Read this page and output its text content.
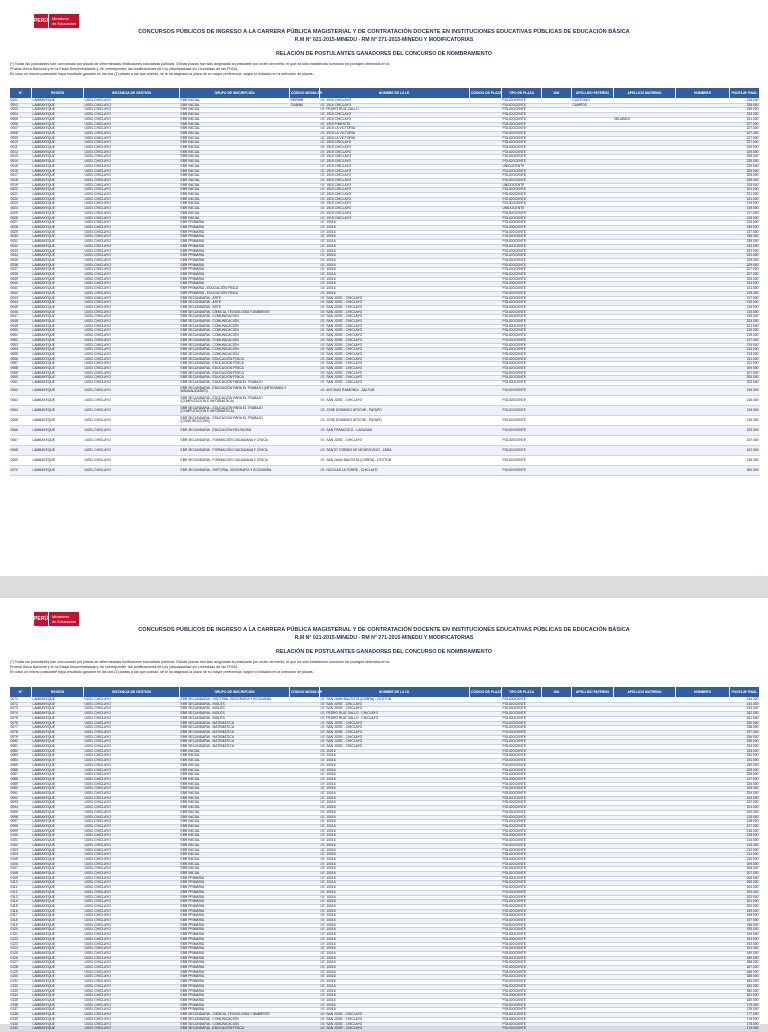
PERÚ Ministerio
de Educación
CONCURSOS PÚBLICOS DE INGRESO A LA CARRERA PÚBLICA MAGISTERIAL Y DE CONTRATACIÓN DOCENTE EN INSTITUCIONES EDUCATIVAS PÚBLICAS DE EDUCACIÓN BÁSICA
R.M N° 021-2015-MINEDU - RM N° 271-2015-MINEDU Y MODIFICATORIAS
RELACIÓN DE POSTULANTES GANADORES DEL CONCURSO DE NOMBRAMIENTO
(*) Todas las postulantes han concursado por plazas de determinadas instituciones educativas públicas. Dichas plazas han sido asignadas al postulante por orden de mérito, el que ha sido establecido sumando los puntajes obtenidos en la
Prueba Única Nacional y en la Etapa Descentralizada y, de corresponder, las bonificaciones de Ley (discapacidad y/o Licenciado de las FFAA).
En caso un mismo postulante haya resultado ganador en las dos (2) plazas a las que postuló, se le ha asignado la plaza de su mayor preferencia, según lo indicado en la selección de plazas.
N°	REGIÓN	INSTANCIA DE GESTIÓN	GRUPO DE INSCRIPCIÓN	CÓDIGO MODULAR	NOMBRE DE LA I.E.	CÓDIGO DE PLAZA	TIPO DE PLAZA	DNI	APELLIDO PATERNO	APELLIDO MATERNO	NOMBRES	PUNTAJE FINAL
0001	LAMBAYEQUE	UGEL CHICLAYO	EBR INICIAL	0559998	I.E. 1915 CHICLAYO		POLIDOCENTE		CUSTODIO			238.000
0002	LAMBAYEQUE	UGEL CHICLAYO	EBR INICIAL	1108066	I.E. 1915 CHICLAYO		POLIDOCENTE		CAMPOS			235.000
0003	LAMBAYEQUE	UGEL CHICLAYO	EBR INICIAL		I.E. PEDRO RUIZ GALLO		POLIDOCENTE					235.000
0004	LAMBAYEQUE	UGEL CHICLAYO	EBR INICIAL		I.E. 1915 CHICLAYO		POLIDOCENTE					233.000
0005	LAMBAYEQUE	UGEL CHICLAYO	EBR INICIAL		I.E. 1915 CHICLAYO		POLIDOCENTE			MILIANDO		231.000
0006	LAMBAYEQUE	UGEL CHICLAYO	EBR INICIAL		I.E. 1915 PIMENTEL		POLIDOCENTE					227.000
0007	LAMBAYEQUE	UGEL CHICLAYO	EBR INICIAL		I.E. 1915 LA VICTORIA		POLIDOCENTE					227.000
0008	LAMBAYEQUE	UGEL CHICLAYO	EBR INICIAL		I.E. 1915 LA VICTORIA		POLIDOCENTE					227.000
0009	LAMBAYEQUE	UGEL CHICLAYO	EBR INICIAL		I.E. 1915 LA VICTORIA		POLIDOCENTE					227.000
0010	LAMBAYEQUE	UGEL CHICLAYO	EBR INICIAL		I.E. 1915 CHICLAYO		POLIDOCENTE					227.000
0011	LAMBAYEQUE	UGEL CHICLAYO	EBR INICIAL		I.E. 1915 CHICLAYO		POLIDOCENTE					225.000
0012	LAMBAYEQUE	UGEL CHICLAYO	EBR INICIAL		I.E. 1915 CHICLAYO		POLIDOCENTE					225.000
0013	LAMBAYEQUE	UGEL CHICLAYO	EBR INICIAL		I.E. 1915 CHICLAYO		POLIDOCENTE					225.000
0014	LAMBAYEQUE	UGEL CHICLAYO	EBR INICIAL		I.E. 1915 CHICLAYO		POLIDOCENTE					225.000
0015	LAMBAYEQUE	UGEL CHICLAYO	EBR INICIAL		I.E. 1915 CHICLAYO		UNIDOCENTE					225.000
0016	LAMBAYEQUE	UGEL CHICLAYO	EBR INICIAL		I.E. 1915 CHICLAYO		POLIDOCENTE					225.000
0017	LAMBAYEQUE	UGEL CHICLAYO	EBR INICIAL		I.E. 1915 CHICLAYO		POLIDOCENTE					225.000
0018	LAMBAYEQUE	UGEL CHICLAYO	EBR INICIAL		I.E. 1915 CHICLAYO		POLIDOCENTE					225.000
0019	LAMBAYEQUE	UGEL CHICLAYO	EBR INICIAL		I.E. 1915 CHICLAYO		UNIDOCENTE					225.000
0020	LAMBAYEQUE	UGEL CHICLAYO	EBR INICIAL		I.E. 1915 CHICLAYO		POLIDOCENTE					221.000
0021	LAMBAYEQUE	UGEL CHICLAYO	EBR INICIAL		I.E. 1915 CHICLAYO		POLIDOCENTE					221.000
0022	LAMBAYEQUE	UGEL CHICLAYO	EBR INICIAL		I.E. 1915 CHICLAYO		POLIDOCENTE					221.000
0023	LAMBAYEQUE	UGEL CHICLAYO	EBR INICIAL		I.E. 1915 CHICLAYO		POLIDOCENTE					219.000
0024	LAMBAYEQUE	UGEL CHICLAYO	EBR INICIAL		I.E. 1915 CHICLAYO		UNIDOCENTE					219.000
0025	LAMBAYEQUE	UGEL CHICLAYO	EBR INICIAL		I.E. 1915 CHICLAYO		POLIDOCENTE					217.000
0026	LAMBAYEQUE	UGEL CHICLAYO	EBR INICIAL		I.E. 1915 CHICLAYO		POLIDOCENTE					215.000
0027	LAMBAYEQUE	UGEL CHICLAYO	EBR PRIMARIA		I.E. 10016		POLIDOCENTE					243.000
0028	LAMBAYEQUE	UGEL CHICLAYO	EBR PRIMARIA		I.E. 10016		POLIDOCENTE					239.000
0029	LAMBAYEQUE	UGEL CHICLAYO	EBR PRIMARIA		I.E. 10016		POLIDOCENTE					237.000
0030	LAMBAYEQUE	UGEL CHICLAYO	EBR PRIMARIA		I.E. 10016		POLIDOCENTE					235.000
0031	LAMBAYEQUE	UGEL CHICLAYO	EBR PRIMARIA		I.E. 10016		POLIDOCENTE					235.000
0032	LAMBAYEQUE	UGEL CHICLAYO	EBR PRIMARIA		I.E. 10016		POLIDOCENTE					233.000
0033	LAMBAYEQUE	UGEL CHICLAYO	EBR PRIMARIA		I.E. 10016		POLIDOCENTE					233.000
0034	LAMBAYEQUE	UGEL CHICLAYO	EBR PRIMARIA		I.E. 10016		POLIDOCENTE					231.000
0035	LAMBAYEQUE	UGEL CHICLAYO	EBR PRIMARIA		I.E. 10016		POLIDOCENTE					229.000
0036	LAMBAYEQUE	UGEL CHICLAYO	EBR PRIMARIA		I.E. 10016		POLIDOCENTE					229.000
0037	LAMBAYEQUE	UGEL CHICLAYO	EBR PRIMARIA		I.E. 10016		POLIDOCENTE					227.000
0038	LAMBAYEQUE	UGEL CHICLAYO	EBR PRIMARIA		I.E. 10016		POLIDOCENTE					227.000
0039	LAMBAYEQUE	UGEL CHICLAYO	EBR PRIMARIA		I.E. 10016		POLIDOCENTE					225.000
0040	LAMBAYEQUE	UGEL CHICLAYO	EBR PRIMARIA		I.E. 10016		POLIDOCENTE					223.000
0041	LAMBAYEQUE	UGEL CHICLAYO	EBR PRIMARIA - EDUCACIÓN FÍSICA		I.E. 10016		POLIDOCENTE					221.000
0042	LAMBAYEQUE	UGEL CHICLAYO	EBR PRIMARIA - EDUCACIÓN FÍSICA		I.E. 10016		POLIDOCENTE					219.000
0043	LAMBAYEQUE	UGEL CHICLAYO	EBR SECUNDARIA - ARTE		I.E. SAN JOSE - CHICLAYO		POLIDOCENTE					217.000
0044	LAMBAYEQUE	UGEL CHICLAYO	EBR SECUNDARIA - ARTE		I.E. SAN JOSE - CHICLAYO		POLIDOCENTE					215.000
0045	LAMBAYEQUE	UGEL CHICLAYO	EBR SECUNDARIA - ARTE		I.E. SAN JOSE - CHICLAYO		POLIDOCENTE					215.000
0046	LAMBAYEQUE	UGEL CHICLAYO	EBR SECUNDARIA - CIENCIA, TECNOLOGÍA Y AMBIENTE		I.E. SAN JOSE - CHICLAYO		POLIDOCENTE					213.000
0047	LAMBAYEQUE	UGEL CHICLAYO	EBR SECUNDARIA - COMUNICACIÓN		I.E. SAN JOSE - CHICLAYO		POLIDOCENTE					225.000
0048	LAMBAYEQUE	UGEL CHICLAYO	EBR SECUNDARIA - COMUNICACIÓN		I.E. SAN JOSE - CHICLAYO		POLIDOCENTE					223.000
0049	LAMBAYEQUE	UGEL CHICLAYO	EBR SECUNDARIA - COMUNICACIÓN		I.E. SAN JOSE - CHICLAYO		POLIDOCENTE					221.000
0050	LAMBAYEQUE	UGEL CHICLAYO	EBR SECUNDARIA - COMUNICACIÓN		I.E. SAN JOSE - CHICLAYO		POLIDOCENTE					219.000
0051	LAMBAYEQUE	UGEL CHICLAYO	EBR SECUNDARIA - COMUNICACIÓN		I.E. SAN JOSE - CHICLAYO		POLIDOCENTE					219.000
0052	LAMBAYEQUE	UGEL CHICLAYO	EBR SECUNDARIA - COMUNICACIÓN		I.E. SAN JOSE - CHICLAYO		POLIDOCENTE					217.000
0053	LAMBAYEQUE	UGEL CHICLAYO	EBR SECUNDARIA - COMUNICACIÓN		I.E. SAN JOSE - CHICLAYO		POLIDOCENTE					215.000
0054	LAMBAYEQUE	UGEL CHICLAYO	EBR SECUNDARIA - COMUNICACIÓN		I.E. SAN JOSE - CHICLAYO		POLIDOCENTE					213.000
0055	LAMBAYEQUE	UGEL CHICLAYO	EBR SECUNDARIA - COMUNICACIÓN		I.E. SAN JOSE - CHICLAYO		POLIDOCENTE					213.000
0056	LAMBAYEQUE	UGEL CHICLAYO	EBR SECUNDARIA - EDUCACIÓN FÍSICA		I.E. SAN JOSE - CHICLAYO		POLIDOCENTE					211.000
0057	LAMBAYEQUE	UGEL CHICLAYO	EBR SECUNDARIA - EDUCACIÓN FÍSICA		I.E. SAN JOSE - CHICLAYO		POLIDOCENTE					211.000
0058	LAMBAYEQUE	UGEL CHICLAYO	EBR SECUNDARIA - EDUCACIÓN FÍSICA		I.E. SAN JOSE - CHICLAYO		POLIDOCENTE					209.000
0059	LAMBAYEQUE	UGEL CHICLAYO	EBR SECUNDARIA - EDUCACIÓN FÍSICA		I.E. SAN JOSE - CHICLAYO		POLIDOCENTE					207.000
0060	LAMBAYEQUE	UGEL CHICLAYO	EBR SECUNDARIA - EDUCACIÓN FÍSICA		I.E. SAN JOSE - CHICLAYO		POLIDOCENTE					205.000
0061	LAMBAYEQUE	UGEL CHICLAYO	EBR SECUNDARIA - EDUCACIÓN PARA EL TRABAJO		I.E. SAN JOSE - CHICLAYO		POLIDOCENTE					203.000
0062	LAMBAYEQUE	UGEL CHICLAYO	EBR SECUNDARIA - EDUCACIÓN PARA EL TRABAJO (ARTESANÍA Y MANUALIDADES)		I.E. ANTONIO RAIMONDI - SALTUR		POLIDOCENTE					215.000
0063	LAMBAYEQUE	UGEL CHICLAYO	EBR SECUNDARIA - EDUCACIÓN PARA EL TRABAJO (COMPUTACIÓN E INFORMÁTICA)		I.E. SAN JOSE - CHICLAYO		POLIDOCENTE					215.000
0064	LAMBAYEQUE	UGEL CHICLAYO	EBR SECUNDARIA - EDUCACIÓN PARA EL TRABAJO (COMPUTACIÓN E INFORMÁTICA)		I.E. JOSE DOMINGO ATOCHE - PATAPO		POLIDOCENTE					215.000
0065	LAMBAYEQUE	UGEL CHICLAYO	EBR SECUNDARIA - EDUCACIÓN PARA EL TRABAJO (CONSTRUCCIÓN)		I.E. JOSE DOMINGO ATOCHE - PATAPO		POLIDOCENTE					215.000
0066	LAMBAYEQUE	UGEL CHICLAYO	EBR SECUNDARIA - EDUCACIÓN RELIGIOSA		I.E. SAN FRANCISCO - LAGUNAS		POLIDOCENTE					223.000
0067	LAMBAYEQUE	UGEL CHICLAYO	EBR SECUNDARIA - FORMACIÓN CIUDADANA Y CÍVICA		I.E. SAN JOSE - CHICLAYO		POLIDOCENTE					247.000
0068	LAMBAYEQUE	UGEL CHICLAYO	EBR SECUNDARIA - FORMACIÓN CIUDADANA Y CÍVICA		I.E. SANTO TORIBIO DE MOGROVEJO - ZAÑA		POLIDOCENTE					242.000
0069	LAMBAYEQUE	UGEL CHICLAYO	EBR SECUNDARIA - FORMACIÓN CIUDADANA Y CÍVICA		I.E. SAN JUAN BAUTISTA (COBRA) - OYOTÚN		POLIDOCENTE					235.000
0070	LAMBAYEQUE	UGEL CHICLAYO	EBR SECUNDARIA - HISTORIA, GEOGRAFÍA Y ECONOMÍA		I.E. NICOLAS LA TORRE - CHICLAYO		POLIDOCENTE					260.000
...
PERÚ Ministerio
de Educación
CONCURSOS PÚBLICOS DE INGRESO A LA CARRERA PÚBLICA MAGISTERIAL Y DE CONTRATACIÓN DOCENTE EN INSTITUCIONES EDUCATIVAS PÚBLICAS DE EDUCACIÓN BÁSICA
R.M N° 021-2015-MINEDU - RM N° 271-2015-MINEDU Y MODIFICATORIAS
RELACIÓN DE POSTULANTES GANADORES DEL CONCURSO DE NOMBRAMIENTO
(*) Todas las postulantes han concursado por plazas de determinadas instituciones educativas públicas. Dichas plazas han sido asignadas al postulante por orden de mérito, el que ha sido establecido sumando los puntajes obtenidos en la
Prueba Única Nacional y en la Etapa Descentralizada y, de corresponder, las bonificaciones de Ley (discapacidad y/o Licenciado de las FFAA).
En caso un mismo postulante haya resultado ganador en las dos (2) plazas a las que postuló, se le ha asignado la plaza de su mayor preferencia, según lo indicado en la selección de plazas.
N°	REGIÓN	INSTANCIA DE GESTIÓN	GRUPO DE INSCRIPCIÓN	CÓDIGO MODULAR	NOMBRE DE LA I.E.	CÓDIGO DE PLAZA	TIPO DE PLAZA	DNI	APELLIDO PATERNO	APELLIDO MATERNO	NOMBRES	PUNTAJE FINAL
0071	LAMBAYEQUE	UGEL CHICLAYO	EBR SECUNDARIA - HISTORIA, GEOGRAFÍA Y ECONOMÍA		I.E. SAN JUAN BAUTISTA (COBRA) - OYOTÚN		POLIDOCENTE					244.000
0072	LAMBAYEQUE	UGEL CHICLAYO	EBR SECUNDARIA - INGLÉS		I.E. SAN JOSE - CHICLAYO		POLIDOCENTE					244.000
0073	LAMBAYEQUE	UGEL CHICLAYO	EBR SECUNDARIA - INGLÉS		I.E. SAN JOSE - CHICLAYO		POLIDOCENTE					243.000
0074	LAMBAYEQUE	UGEL CHICLAYO	EBR SECUNDARIA - INGLÉS		I.E. PEDRO RUIZ GALLO - CHICLAYO		POLIDOCENTE					242.000
0075	LAMBAYEQUE	UGEL CHICLAYO	EBR SECUNDARIA - INGLÉS		I.E. PEDRO RUIZ GALLO - CHICLAYO		POLIDOCENTE					241.000
0076	LAMBAYEQUE	UGEL CHICLAYO	EBR SECUNDARIA - MATEMÁTICA		I.E. SAN JOSE - CHICLAYO		POLIDOCENTE					240.000
0077	LAMBAYEQUE	UGEL CHICLAYO	EBR SECUNDARIA - MATEMÁTICA		I.E. SAN JOSE - CHICLAYO		POLIDOCENTE					238.000
0078	LAMBAYEQUE	UGEL CHICLAYO	EBR SECUNDARIA - MATEMÁTICA		I.E. SAN JOSE - CHICLAYO		POLIDOCENTE					237.000
0079	LAMBAYEQUE	UGEL CHICLAYO	EBR SECUNDARIA - MATEMÁTICA		I.E. SAN JOSE - CHICLAYO		POLIDOCENTE					236.000
0080	LAMBAYEQUE	UGEL CHICLAYO	EBR SECUNDARIA - MATEMÁTICA		I.E. SAN JOSE - CHICLAYO		POLIDOCENTE					235.000
0081	LAMBAYEQUE	UGEL CHICLAYO	EBR SECUNDARIA - MATEMÁTICA		I.E. SAN JOSE - CHICLAYO		POLIDOCENTE					234.000
0082	LAMBAYEQUE	UGEL CHICLAYO	EBR INICIAL		I.E. 10016		POLIDOCENTE					233.000
0083	LAMBAYEQUE	UGEL CHICLAYO	EBR INICIAL		I.E. 10016		POLIDOCENTE					232.000
0084	LAMBAYEQUE	UGEL CHICLAYO	EBR INICIAL		I.E. 10016		POLIDOCENTE					231.000
0085	LAMBAYEQUE	UGEL CHICLAYO	EBR INICIAL		I.E. 10016		POLIDOCENTE					230.000
0086	LAMBAYEQUE	UGEL CHICLAYO	EBR INICIAL		I.E. 10016		POLIDOCENTE					229.000
0087	LAMBAYEQUE	UGEL CHICLAYO	EBR INICIAL		I.E. 10016		POLIDOCENTE					228.000
0088	LAMBAYEQUE	UGEL CHICLAYO	EBR INICIAL		I.E. 10016		POLIDOCENTE					227.000
0089	LAMBAYEQUE	UGEL CHICLAYO	EBR INICIAL		I.E. 10016		POLIDOCENTE					226.000
0090	LAMBAYEQUE	UGEL CHICLAYO	EBR INICIAL		I.E. 10016		POLIDOCENTE					225.000
0091	LAMBAYEQUE	UGEL CHICLAYO	EBR INICIAL		I.E. 10016		POLIDOCENTE					224.000
0092	LAMBAYEQUE	UGEL CHICLAYO	EBR INICIAL		I.E. 10016		POLIDOCENTE					223.000
0093	LAMBAYEQUE	UGEL CHICLAYO	EBR INICIAL		I.E. 10016		POLIDOCENTE					222.000
0094	LAMBAYEQUE	UGEL CHICLAYO	EBR INICIAL		I.E. 10016		POLIDOCENTE					221.000
0095	LAMBAYEQUE	UGEL CHICLAYO	EBR INICIAL		I.E. 10016		POLIDOCENTE					220.000
0096	LAMBAYEQUE	UGEL CHICLAYO	EBR INICIAL		I.E. 10016		POLIDOCENTE					219.000
0097	LAMBAYEQUE	UGEL CHICLAYO	EBR INICIAL		I.E. 10016		POLIDOCENTE					218.000
0098	LAMBAYEQUE	UGEL CHICLAYO	EBR INICIAL		I.E. 10016		POLIDOCENTE					217.000
0099	LAMBAYEQUE	UGEL CHICLAYO	EBR INICIAL		I.E. 10016		POLIDOCENTE					216.000
0100	LAMBAYEQUE	UGEL CHICLAYO	EBR INICIAL		I.E. 10016		POLIDOCENTE					215.000
0101	LAMBAYEQUE	UGEL CHICLAYO	EBR INICIAL		I.E. 10016		POLIDOCENTE					214.000
0102	LAMBAYEQUE	UGEL CHICLAYO	EBR INICIAL		I.E. 10016		POLIDOCENTE					213.000
0103	LAMBAYEQUE	UGEL CHICLAYO	EBR INICIAL		I.E. 10016		POLIDOCENTE					212.000
0104	LAMBAYEQUE	UGEL CHICLAYO	EBR INICIAL		I.E. 10016		POLIDOCENTE					211.000
0105	LAMBAYEQUE	UGEL CHICLAYO	EBR INICIAL		I.E. 10016		POLIDOCENTE					210.000
0106	LAMBAYEQUE	UGEL CHICLAYO	EBR INICIAL		I.E. 10016		POLIDOCENTE					209.000
0107	LAMBAYEQUE	UGEL CHICLAYO	EBR INICIAL		I.E. 10016		POLIDOCENTE					208.000
0108	LAMBAYEQUE	UGEL CHICLAYO	EBR INICIAL		I.E. 10016		POLIDOCENTE					207.000
0109	LAMBAYEQUE	UGEL CHICLAYO	EBR PRIMARIA		I.E. 10016		POLIDOCENTE					206.000
0110	LAMBAYEQUE	UGEL CHICLAYO	EBR PRIMARIA		I.E. 10016		POLIDOCENTE					205.000
0111	LAMBAYEQUE	UGEL CHICLAYO	EBR PRIMARIA		I.E. 10016		POLIDOCENTE					204.000
0112	LAMBAYEQUE	UGEL CHICLAYO	EBR PRIMARIA		I.E. 10016		POLIDOCENTE					203.000
0113	LAMBAYEQUE	UGEL CHICLAYO	EBR PRIMARIA		I.E. 10016		POLIDOCENTE					202.000
0114	LAMBAYEQUE	UGEL CHICLAYO	EBR PRIMARIA		I.E. 10016		POLIDOCENTE					201.000
0115	LAMBAYEQUE	UGEL CHICLAYO	EBR PRIMARIA		I.E. 10016		POLIDOCENTE					200.000
0116	LAMBAYEQUE	UGEL CHICLAYO	EBR PRIMARIA		I.E. 10016		POLIDOCENTE					199.000
0117	LAMBAYEQUE	UGEL CHICLAYO	EBR PRIMARIA		I.E. 10016		POLIDOCENTE					198.000
0118	LAMBAYEQUE	UGEL CHICLAYO	EBR PRIMARIA		I.E. 10016		POLIDOCENTE					197.000
0119	LAMBAYEQUE	UGEL CHICLAYO	EBR PRIMARIA		I.E. 10016		POLIDOCENTE					196.000
0120	LAMBAYEQUE	UGEL CHICLAYO	EBR PRIMARIA		I.E. 10016		POLIDOCENTE					195.000
0121	LAMBAYEQUE	UGEL CHICLAYO	EBR PRIMARIA		I.E. 10016		POLIDOCENTE					194.000
0122	LAMBAYEQUE	UGEL CHICLAYO	EBR PRIMARIA		I.E. 10016		POLIDOCENTE					193.000
0123	LAMBAYEQUE	UGEL CHICLAYO	EBR PRIMARIA		I.E. 10016		POLIDOCENTE					192.000
0124	LAMBAYEQUE	UGEL CHICLAYO	EBR PRIMARIA		I.E. 10016		POLIDOCENTE					191.000
0125	LAMBAYEQUE	UGEL CHICLAYO	EBR PRIMARIA		I.E. 10016		POLIDOCENTE					190.000
0126	LAMBAYEQUE	UGEL CHICLAYO	EBR PRIMARIA		I.E. 10016		POLIDOCENTE					189.000
0127	LAMBAYEQUE	UGEL CHICLAYO	EBR PRIMARIA		I.E. 10016		POLIDOCENTE					188.000
0128	LAMBAYEQUE	UGEL CHICLAYO	EBR PRIMARIA		I.E. 10016		POLIDOCENTE					187.000
0129	LAMBAYEQUE	UGEL CHICLAYO	EBR PRIMARIA		I.E. 10016		POLIDOCENTE					186.000
0130	LAMBAYEQUE	UGEL CHICLAYO	EBR PRIMARIA		I.E. 10016		POLIDOCENTE					185.000
0131	LAMBAYEQUE	UGEL CHICLAYO	EBR PRIMARIA		I.E. 10016		POLIDOCENTE					184.000
0132	LAMBAYEQUE	UGEL CHICLAYO	EBR PRIMARIA		I.E. 10016		POLIDOCENTE					183.000
0133	LAMBAYEQUE	UGEL CHICLAYO	EBR PRIMARIA		I.E. 10016		POLIDOCENTE					182.000
0134	LAMBAYEQUE	UGEL CHICLAYO	EBR PRIMARIA		I.E. 10016		POLIDOCENTE					181.000
0135	LAMBAYEQUE	UGEL CHICLAYO	EBR PRIMARIA		I.E. 10016		POLIDOCENTE					180.000
0136	LAMBAYEQUE	UGEL CHICLAYO	EBR PRIMARIA		I.E. 10016		POLIDOCENTE					179.000
0137	LAMBAYEQUE	UGEL CHICLAYO	EBR PRIMARIA		I.E. 10016		POLIDOCENTE					178.000
0138	LAMBAYEQUE	UGEL CHICLAYO	EBR SECUNDARIA - CIENCIA, TECNOLOGÍA Y AMBIENTE		I.E. SAN JOSE - CHICLAYO		POLIDOCENTE					177.000
0139	LAMBAYEQUE	UGEL CHICLAYO	EBR SECUNDARIA - COMUNICACIÓN		I.E. SAN JOSE - CHICLAYO		POLIDOCENTE					176.000
0140	LAMBAYEQUE	UGEL CHICLAYO	EBR SECUNDARIA - COMUNICACIÓN		I.E. SAN JOSE - CHICLAYO		POLIDOCENTE					175.000
0141	LAMBAYEQUE	UGEL CHICLAYO	EBR SECUNDARIA - EDUCACIÓN FÍSICA		I.E. SAN JOSE - CHICLAYO		POLIDOCENTE					174.000
